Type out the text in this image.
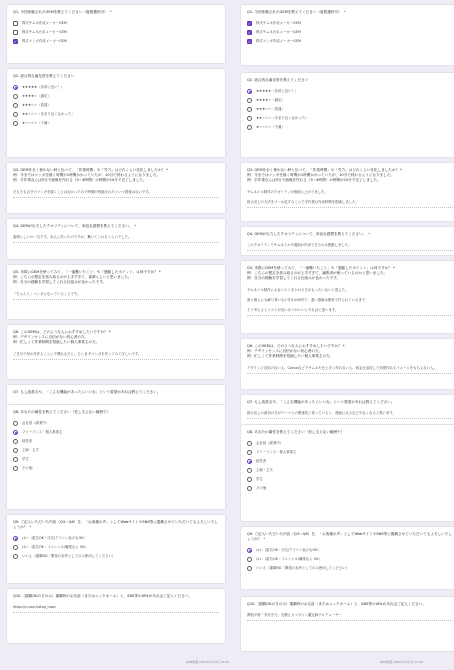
Q1. 今回体験されたGEMを教えてください（複数選択可） *
株式サムネ作成メーカーGEM
株式サムネ台本メーカーGEM
✓ 株式マンガ作成メーカーGEM
Q2. 総合的な満足度を教えてください
★★★★★（非常に良い！）
★★★★☆（満足）
★★★☆☆（普通）
★★☆☆☆（あまり良くなかった）
★☆☆☆☆（不満）
Q3. GEMを全く使わない時と比べて、「作業時間」や「労力」はどれくらい変化しましたか？ *
例：今まではマンガを描く時間が1時間かかっていたが、10分で終わるようになりました。
例：手作業ならば5分で画像を作れる（3〜4時間）の時間が10分で完了しました。
そもそも自分でマンガを描くことはなかったので時間が短縮されたという感覚はないです。
Q4. GEMが出力したクオリティについて、率直な感想を教えてください。 *
素晴らしいの一言です。本人に作ったのですが、驚いてくれるくらいでした。
Q5. 実際にGEMを使ってみて、「一番驚いたこと」や「感動したポイント」は何ですか？ *
例：こちらの想定を汲み取るのが上手すぎて、素晴らしいと思いました。
例：自分の経験を学習してくれる仕組みが良かったです。
「ちゃんと」マンガになっていることです。
Q6. このGEMは、どのような人におすすめしたいですか？ *
例：デザインセンスに自信がない初心者の方。
例：忙しくて作業時間を短縮したい個人事業主の方。
ご自分で何かを作ることに不慣れな方に、ひとまずマンガを作ってみてほしいです。
Q7. もし改善点や、「こんな機能があったらいいな」という要望があれば教えてください。
Q8. あなたの属性を教えてください（差し支えない範囲で）
会社員（副業中）
フリーランス・個人事業主
経営者
主婦・主夫
学生
その他:
Q9. ご記入いただいた内容（Q3〜Q6）を、「お客様の声」としてWebサイトやSNS等に掲載させていただいてもよろしいでしょうか？ *
はい（匿名OK・氏名/アイコン表示もOK）
はい（匿名OK・イニシャル/職業なら OK）
いいえ（掲載NG・開発の参考としてのみ使用してください）
Q10.（掲載OKの方のみ）掲載時のお名前（またはニックネーム）と、SNS等のURLがあればご記入ください。
https://x.com/Lstep_haza
Q1. 今回体験されたGEMを教えてください（複数選択可） *
✓ 株式サムネ作成メーカーGEM
✓ 株式サムネ台本メーカーGEM
✓ 株式マンガ作成メーカーGEM
Q2. 総合的な満足度を教えてください
★★★★★（非常に良い！）
★★★★☆（満足）
★★★☆☆（普通）
★★☆☆☆（あまり良くなかった）
★☆☆☆☆（不満）
Q3. GEMを全く使わない時と比べて、「作業時間」や「労力」はどれくらい変化しましたか？ *
例：今まではマンガを描く時間が1時間かかっていたが、10分で終わるようになりました。
例：手作業ならば5分で画像を作れる（3〜4時間）の時間が10分で完了しました。
サムネイル制作のクオリティが格段に上がりました。

指示出しの方法をツール化することで手作業の作成時間を削減しました。
Q4. GEMが出力したクオリティについて、率直な感想を教えてください。 *
このクオリティでサムネイルや漫画が作成できるのは感動しました。
Q5. 実際にGEMを使ってみて、「一番驚いたこと」や「感動したポイント」は何ですか？ *
例：こちらの想定を汲み取るのが上手すぎて、編集者が使っているのかと思いました。
例：自分の経験を学習してくれる仕組みが良かったです。
サムネイル制作にお金コストをかける方がもったいないと思えた。

我々個人にも解り易いものを5,000円で、違い漫画は無料で作られているまで

そう考えるとコストが良いほうがいいとすればと思います。
Q6. このGEMは、どのような人におすすめしたいですか？ *
例：デザインセンスに自信がない初心者の方。
例：忙しくて作業時間を短縮したい個人事業主の方。
デザインに自信のない人。Canvaなどでサムネやを上手く作れない人。税金を活用して何度作れるイメージをもちえない人。
Q7. もし改善点や、「こんな機能があったらいいな」という要望があれば教えてください。
指示出しの最初の方がテーマとの関連性に寄っていると、漫画になるなど少なくなると思います。
Q8. あなたの属性を教えてください（差し支えない範囲で）
会社員（副業中）
フリーランス・個人事業主
経営者
主婦・主夫
学生
その他:
Q9. ご記入いただいた内容（Q3〜Q6）を、「お客様の声」としてWebサイトやSNS等に掲載させていただいてもよろしいでしょうか？ *
はい（匿名OK・氏名/アイコン表示もOK）
はい（匿名OK・イニシャル/職業なら OK）
いいえ（掲載NG・開発の参考としてのみ使用してください）
Q10.（掲載OKの方のみ）掲載時のお名前（またはニックネーム）と、SNS等のURLがあればご記入ください。
関根平@「気付き力」を鍛えるマガジン鑑定師プロデューサー
@BE影響 2025年12月2日 15:04	@BE影響 2025年12月1日 15:44
